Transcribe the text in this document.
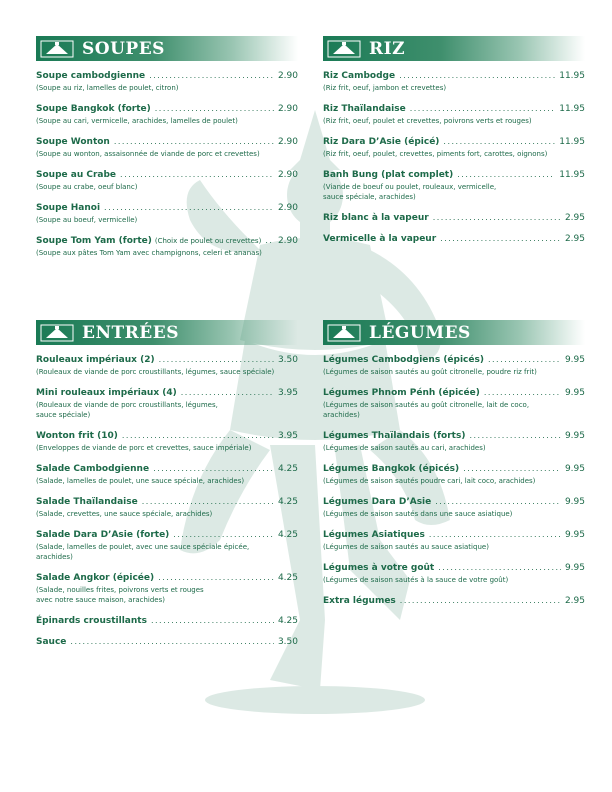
SOUPES
Soupe cambodgienne .....	2.90
(Soupe au riz, lamelles de poulet, citron)
Soupe Bangkok (forte) .....	2.90
(Soupe au cari, vermicelle, arachides, lamelles de poulet)
Soupe Wonton .....	2.90
(Soupe au wonton, assaisonnée de viande de porc et crevettes)
Soupe au Crabe .....	2.90
(Soupe au crabe, oeuf blanc)
Soupe Hanoi .....	2.90
(Soupe au boeuf, vermicelle)
Soupe Tom Yam (forte) (Choix de poulet ou crevettes) ..... 2.90
(Soupe aux pâtes Tom Yam avec champignons, celeri et ananas)
RIZ
Riz Cambodge .....	11.95
(Riz frit, oeuf, jambon et crevettes)
Riz Thaïlandaise .....	11.95
(Riz frit, oeuf, poulet et crevettes, poivrons verts et rouges)
Riz Dara D’Asie (épicé) .....	11.95
(Riz frit, oeuf, poulet, crevettes, piments fort, carottes, oignons)
Banh Bung (plat complet) .....	11.95
(Viande de boeuf ou poulet, rouleaux, vermicelle,
sauce spéciale, arachides)
Riz blanc à la vapeur .....	2.95
Vermicelle à la vapeur .....	2.95
ENTRÉES
Rouleaux impériaux (2) .....	3.50
(Rouleaux de viande de porc croustillants, légumes, sauce spéciale)
Mini rouleaux impériaux (4) .....	3.95
(Rouleaux de viande de porc croustillants, légumes,
sauce spéciale)
Wonton frit (10) .....	3.95
(Enveloppes de viande de porc et crevettes, sauce impériale)
Salade Cambodgienne .....	4.25
(Salade, lamelles de poulet, une sauce spéciale, arachides)
Salade Thaïlandaise .....	4.25
(Salade, crevettes, une sauce spéciale, arachides)
Salade Dara D’Asie (forte) .....	4.25
(Salade, lamelles de poulet, avec une sauce spéciale épicée,
arachides)
Salade Angkor (épicée) .....	4.25
(Salade, nouilles frites, poivrons verts et rouges
avec notre sauce maison, arachides)
Épinards croustillants .....	4.25
Sauce .....	3.50
LÉGUMES
Légumes Cambodgiens (épicés) .....	9.95
(Légumes de saison sautés au goût citronelle, poudre riz frit)
Légumes Phnom Pénh (épicée) .....	9.95
(Légumes de saison sautés au goût citronelle, lait de coco,
arachides)
Légumes Thaïlandais (forts) .....	9.95
(Légumes de saison sautés au cari, arachides)
Légumes Bangkok (épicés) .....	9.95
(Légumes de saison sautés poudre cari, lait coco, arachides)
Légumes Dara D’Asie .....	9.95
(Légumes de saison sautés dans une sauce asiatique)
Légumes Asiatiques .....	9.95
(Légumes de saison sautés au sauce asiatique)
Légumes à votre goût .....	9.95
(Légumes de saison sautés à la sauce de votre goût)
Extra légumes .....	2.95
